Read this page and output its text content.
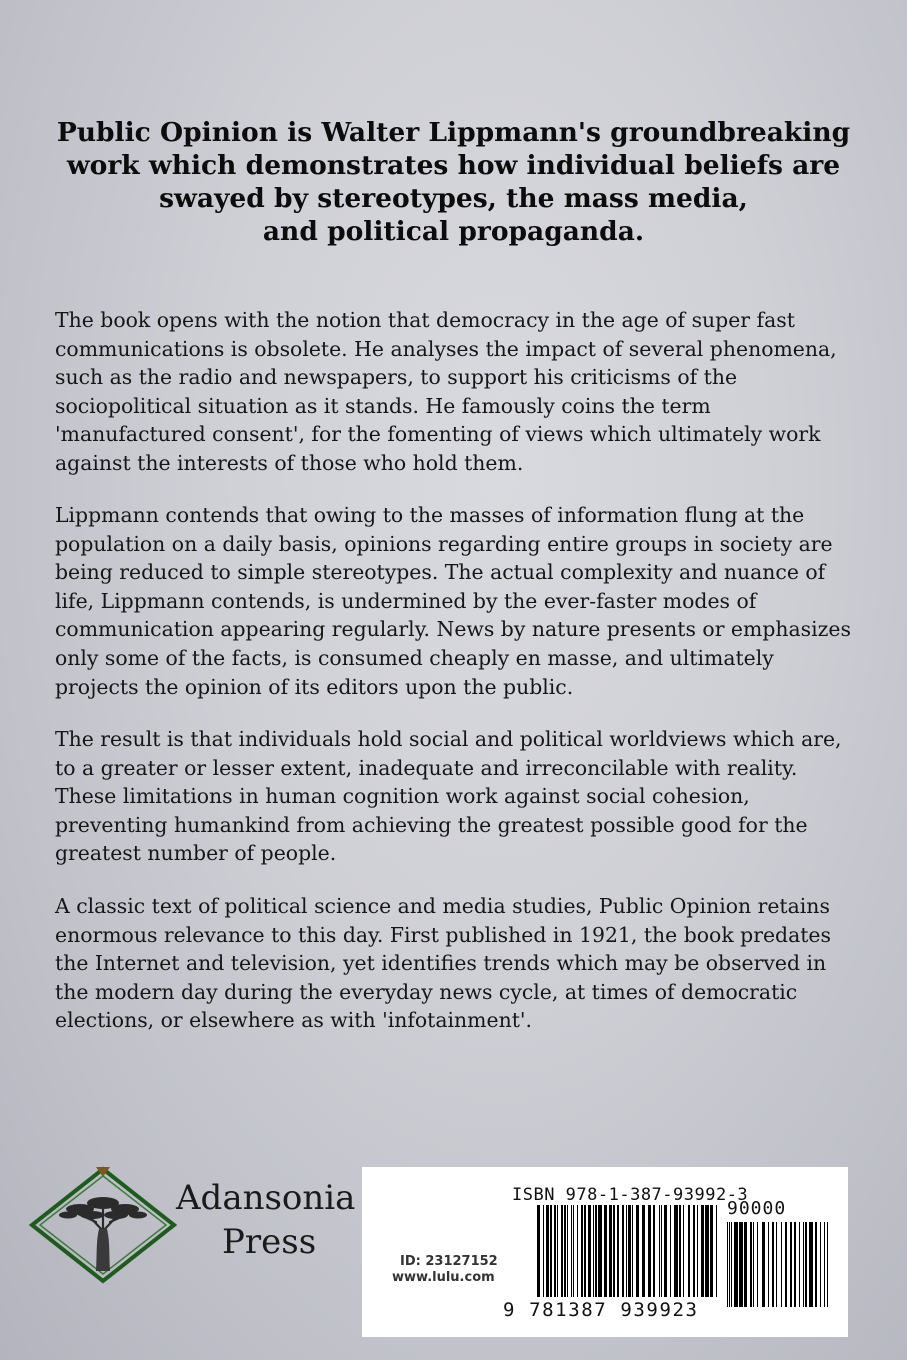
Public Opinion is Walter Lippmann's groundbreaking
work which demonstrates how individual beliefs are
swayed by stereotypes, the mass media,
and political propaganda.
The book opens with the notion that democracy in the age of super fast
communications is obsolete. He analyses the impact of several phenomena,
such as the radio and newspapers, to support his criticisms of the
sociopolitical situation as it stands. He famously coins the term
'manufactured consent', for the fomenting of views which ultimately work
against the interests of those who hold them.
Lippmann contends that owing to the masses of information flung at the
population on a daily basis, opinions regarding entire groups in society are
being reduced to simple stereotypes. The actual complexity and nuance of
life, Lippmann contends, is undermined by the ever-faster modes of
communication appearing regularly. News by nature presents or emphasizes
only some of the facts, is consumed cheaply en masse, and ultimately
projects the opinion of its editors upon the public.
The result is that individuals hold social and political worldviews which are,
to a greater or lesser extent, inadequate and irreconcilable with reality.
These limitations in human cognition work against social cohesion,
preventing humankind from achieving the greatest possible good for the
greatest number of people.
A classic text of political science and media studies, Public Opinion retains
enormous relevance to this day. First published in 1921, the book predates
the Internet and television, yet identifies trends which may be observed in
the modern day during the everyday news cycle, at times of democratic
elections, or elsewhere as with 'infotainment'.
Adansonia
Press
ISBN 978-1-387-93992-3
90000
9 781387 939923
ID: 23127152
www.lulu.com
